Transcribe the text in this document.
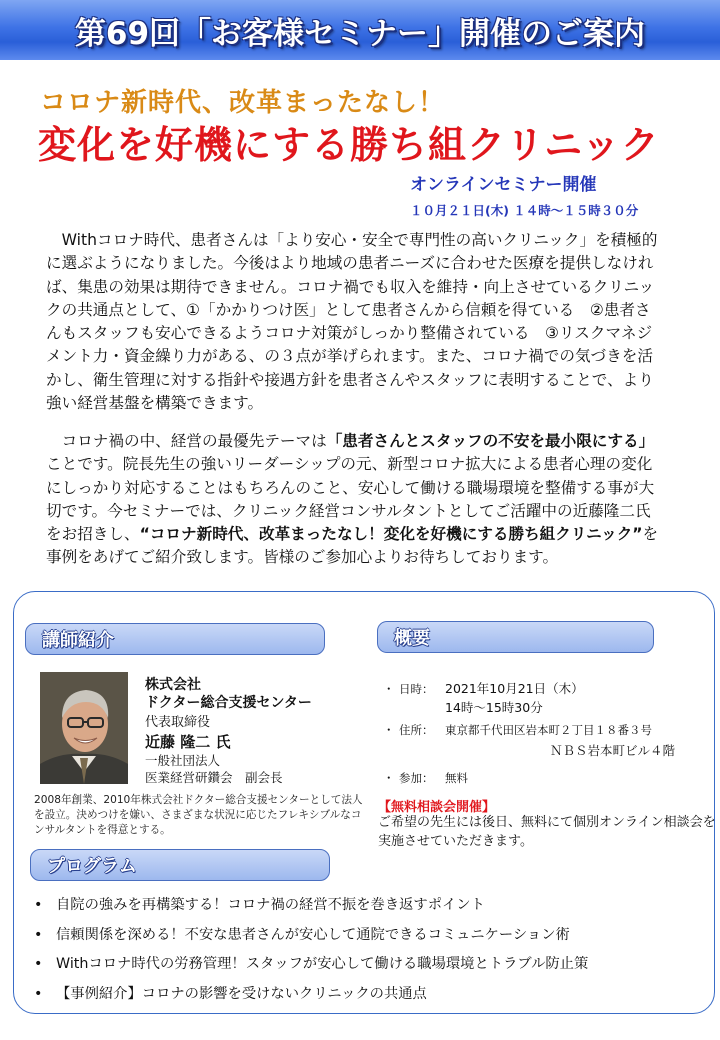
第69回「お客様セミナー」開催のご案内
コロナ新時代、改革まったなし！
変化を好機にする勝ち組クリニック
オンラインセミナー開催
１０月２１日(木) １４時～１５時３０分
　Withコロナ時代、患者さんは「より安心・安全で専門性の高いクリニック」を積極的に選ぶようになりました。今後はより地域の患者ニーズに合わせた医療を提供しなければ、集患の効果は期待できません。コロナ禍でも収入を維持・向上させているクリニックの共通点として、①「かかりつけ医」として患者さんから信頼を得ている　②患者さんもスタッフも安心できるようコロナ対策がしっかり整備されている　③リスクマネジメント力・資金繰り力がある、の３点が挙げられます。また、コロナ禍での気づきを活かし、衛生管理に対する指針や接遇方針を患者さんやスタッフに表明することで、より強い経営基盤を構築できます。
　コロナ禍の中、経営の最優先テーマは「患者さんとスタッフの不安を最小限にする」ことです。院長先生の強いリーダーシップの元、新型コロナ拡大による患者心理の変化にしっかり対応することはもちろんのこと、安心して働ける職場環境を整備する事が大切です。今セミナーでは、クリニック経営コンサルタントとしてご活躍中の近藤隆二氏をお招きし、“コロナ新時代、改革まったなし！変化を好機にする勝ち組クリニック”を事例をあげてご紹介致します。皆様のご参加心よりお待ちしております。
講師紹介	概要
株式会社
ドクター総合支援センター
代表取締役
近藤 隆二 氏
一般社団法人
医業経営研鑽会　副会長
2008年創業、2010年株式会社ドクター総合支援センターとして法人を設立。決めつけを嫌い、さまざまな状況に応じたフレキシブルなコンサルタントを得意とする。
・ 日時： 2021年10月21日（木）
14時～15時30分
・ 住所： 東京都千代田区岩本町２丁目１８番３号
ＮＢＳ岩本町ビル４階
・ 参加： 無料
【無料相談会開催】
ご希望の先生には後日、無料にて個別オンライン相談会を実施させていただきます。
プログラム
• 自院の強みを再構築する！コロナ禍の経営不振を巻き返すポイント
• 信頼関係を深める！不安な患者さんが安心して通院できるコミュニケーション術
• Withコロナ時代の労務管理！スタッフが安心して働ける職場環境とトラブル防止策
• 【事例紹介】コロナの影響を受けないクリニックの共通点
